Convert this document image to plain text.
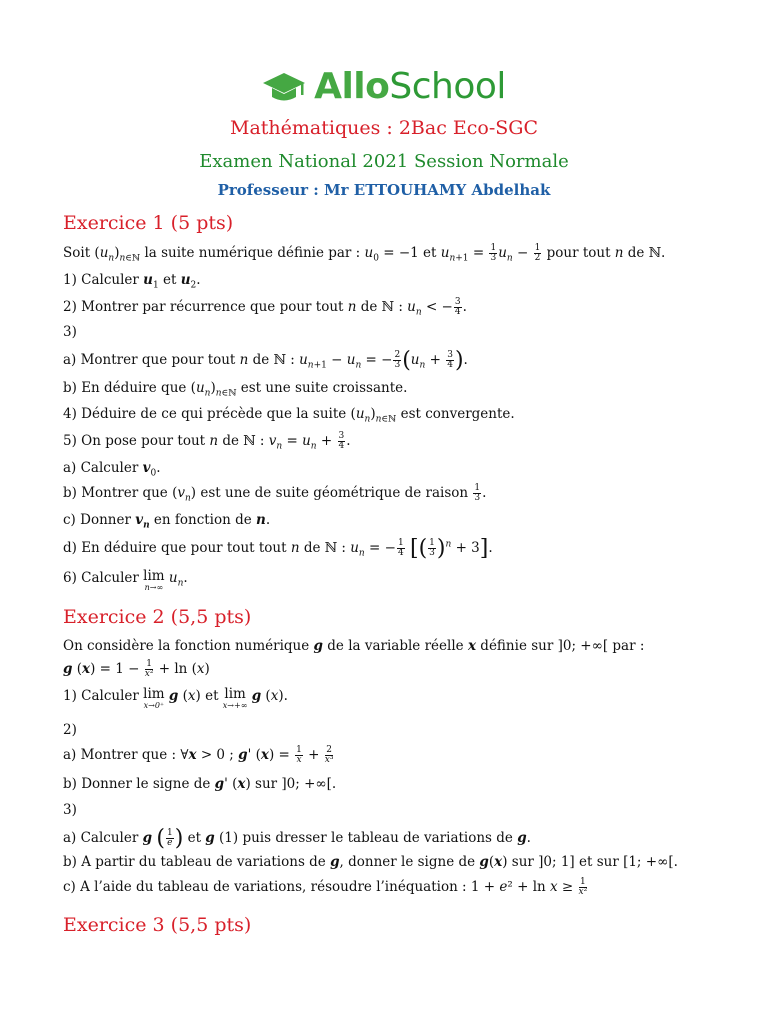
AlloSchool
Mathématiques : 2Bac Eco-SGC
Examen National 2021 Session Normale
Professeur : Mr ETTOUHAMY Abdelhak
Exercice 1 (5 pts)
Soit $(u_n)_{n\in ℕ}$ la suite numérique définie par : $u_0 = -1$ et $u_{n+1} = \frac{1}{3} u_n - \frac{1}{2}$ pour tout n de ℕ.
1) Calculer $u_1$ et $u_2$.
2) Montrer par récurrence que pour tout n de ℕ : $u_n$ < − $\frac{3}{4}$ .
3)
a) Montrer que pour tout n de ℕ : $u_{n+1} - u_n$ = − $\frac{2}{3} (u_n + \frac{3}{4}$ ).
b) En déduire que $(u_n)_{n\in ℕ}$ est une suite croissante.
4) Déduire de ce qui précède que la suite $(u_n)_{n\in ℕ}$ est convergente.
5) On pose pour tout n de ℕ : $v_n = u_n + \frac{3}{4}$ .
a) Calculer $v_0$.
b) Montrer que $(v_n)$ est une de suite géométrique de raison $\frac{1}{3}$ .
c) Donner $v_n$ en fonction de n.
d) En déduire que pour tout tout n de ℕ : $u_n$ = − $\frac{1}{4}$ [( $\frac{1}{3} )^n + 3$].
6) Calculer lim
n→∞
$u_n$.
Exercice 2 (5,5 pts)
On considère la fonction numérique g de la variable réelle x définie sur ]0; +∞[ par :
g $(x) = 1 - \frac{1}{\text{x²}} + \ln (x)$
1) Calculer lim
x→0⁺
g (x) et lim
x→+∞
g (x).
2)
a) Montrer que : ∀x > 0 ; g' $(x) = \frac{1}{x} + \frac{2}{\text{x³}}$
b) Donner le signe de g' (x) sur ]0; +∞[.
3)
a) Calculer g ( $\frac{1}{e}$ ) et g (1) puis dresser le tableau de variations de g.
b) A partir du tableau de variations de g, donner le signe de g(x) sur ]0; 1] et sur [1; +∞[.
c) A l’aide du tableau de variations, résoudre l’inéquation : $1 + e^2 + \ln x \ge \frac{1}{\text{x²}}$
Exercice 3 (5,5 pts)
